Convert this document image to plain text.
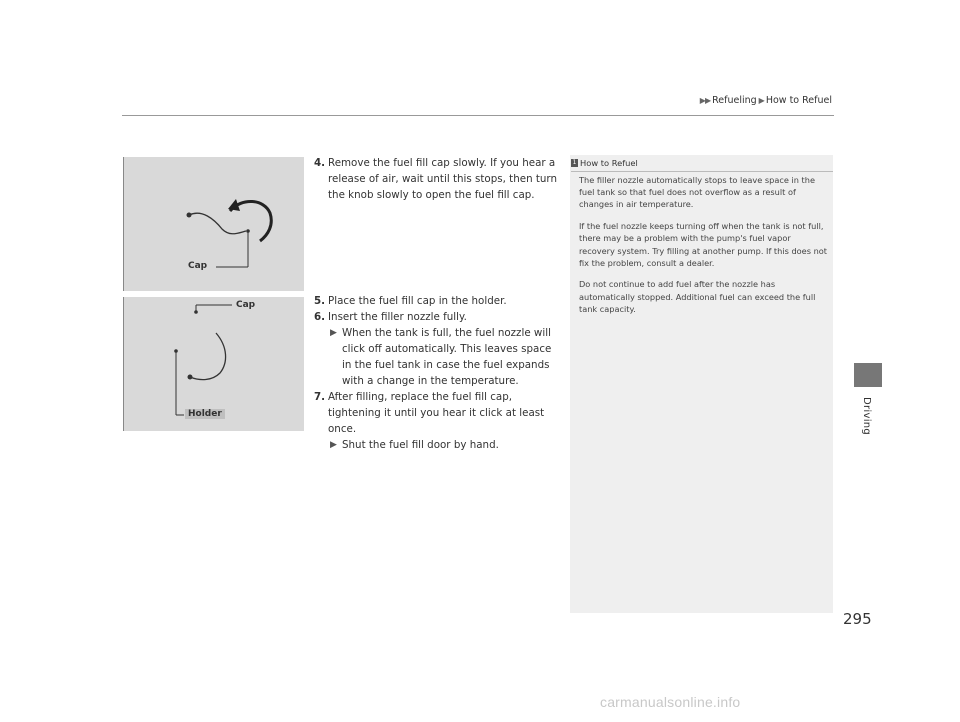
▶▶ Refueling ▶ How to Refuel
Cap
Cap
Holder
4. Remove the fuel fill cap slowly. If you hear a release of air, wait until this stops, then turn the knob slowly to open the fuel fill cap.
5. Place the fuel fill cap in the holder.
6. Insert the filler nozzle fully.
▶ When the tank is full, the fuel nozzle will click off automatically. This leaves space in the fuel tank in case the fuel expands with a change in the temperature.
7. After filling, replace the fuel fill cap, tightening it until you hear it click at least once.
▶ Shut the fuel fill door by hand.
1 How to Refuel

The filler nozzle automatically stops to leave space in the fuel tank so that fuel does not overflow as a result of changes in air temperature.

If the fuel nozzle keeps turning off when the tank is not full, there may be a problem with the pump's fuel vapor recovery system. Try filling at another pump. If this does not fix the problem, consult a dealer.

Do not continue to add fuel after the nozzle has automatically stopped. Additional fuel can exceed the full tank capacity.

Driving
295
carmanualsonline.info
